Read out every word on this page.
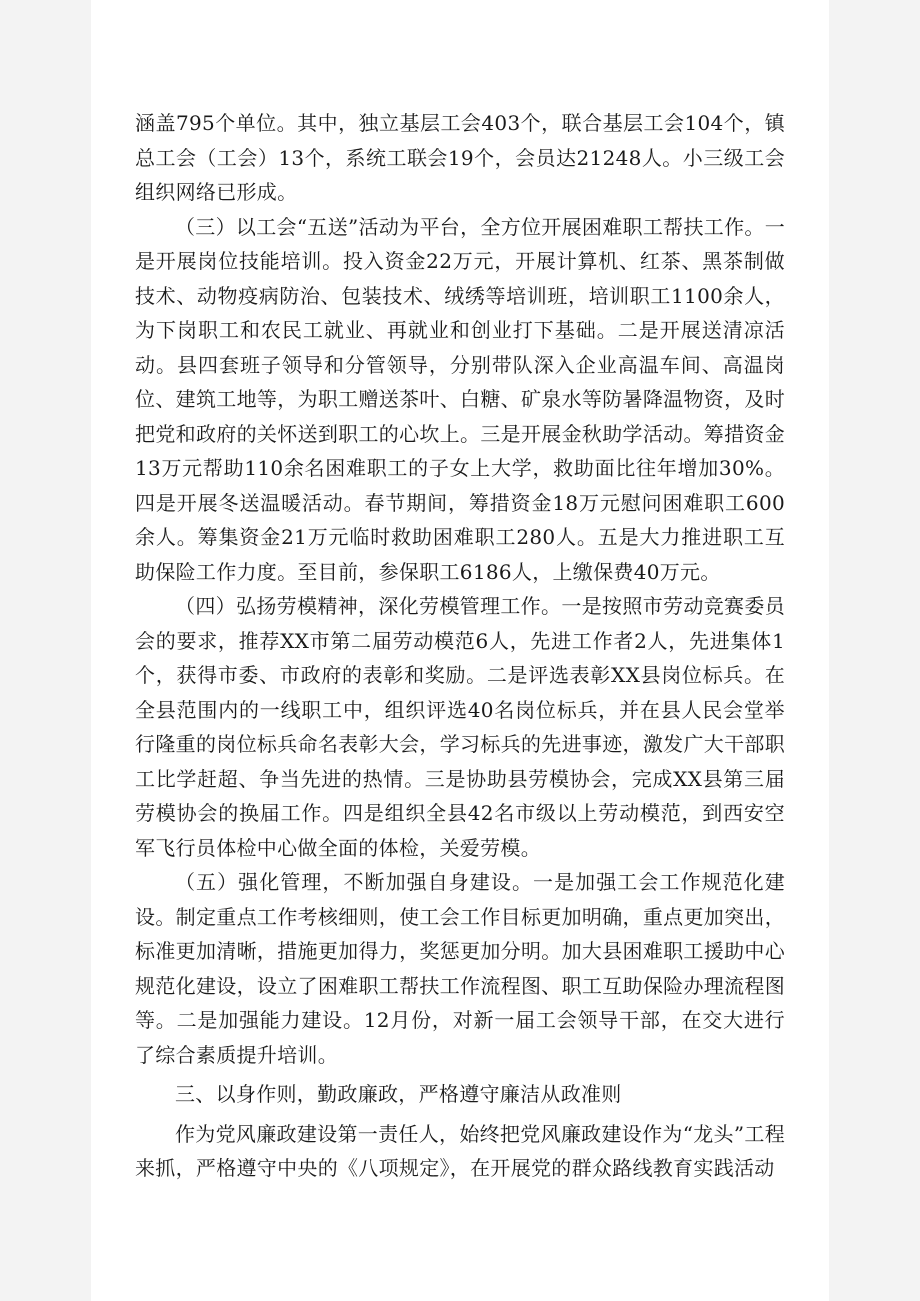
涵盖795个单位。其中，独立基层工会403个，联合基层工会104个，镇总工会（工会）13个，系统工联会19个，会员达21248人。小三级工会组织网络已形成。

（三）以工会“五送”活动为平台，全方位开展困难职工帮扶工作。一是开展岗位技能培训。投入资金22万元，开展计算机、红茶、黑茶制做技术、动物疫病防治、包装技术、绒绣等培训班，培训职工1100余人，为下岗职工和农民工就业、再就业和创业打下基础。二是开展送清凉活动。县四套班子领导和分管领导，分别带队深入企业高温车间、高温岗位、建筑工地等，为职工赠送茶叶、白糖、矿泉水等防暑降温物资，及时把党和政府的关怀送到职工的心坎上。三是开展金秋助学活动。筹措资金13万元帮助110余名困难职工的子女上大学，救助面比往年增加30%。四是开展冬送温暖活动。春节期间，筹措资金18万元慰问困难职工600余人。筹集资金21万元临时救助困难职工280人。五是大力推进职工互助保险工作力度。至目前，参保职工6186人，上缴保费40万元。

（四）弘扬劳模精神，深化劳模管理工作。一是按照市劳动竞赛委员会的要求，推荐XX市第二届劳动模范6人，先进工作者2人，先进集体1个，获得市委、市政府的表彰和奖励。二是评选表彰XX县岗位标兵。在全县范围内的一线职工中，组织评选40名岗位标兵，并在县人民会堂举行隆重的岗位标兵命名表彰大会，学习标兵的先进事迹，激发广大干部职工比学赶超、争当先进的热情。三是协助县劳模协会，完成XX县第三届劳模协会的换届工作。四是组织全县42名市级以上劳动模范，到西安空军飞行员体检中心做全面的体检，关爱劳模。

（五）强化管理，不断加强自身建设。一是加强工会工作规范化建设。制定重点工作考核细则，使工会工作目标更加明确，重点更加突出，标准更加清晰，措施更加得力，奖惩更加分明。加大县困难职工援助中心规范化建设，设立了困难职工帮扶工作流程图、职工互助保险办理流程图等。二是加强能力建设。12月份，对新一届工会领导干部，在交大进行了综合素质提升培训。

三、以身作则，勤政廉政，严格遵守廉洁从政准则

作为党风廉政建设第一责任人，始终把党风廉政建设作为“龙头”工程来抓，严格遵守中央的《八项规定》，在开展党的群众路线教育实践活动
